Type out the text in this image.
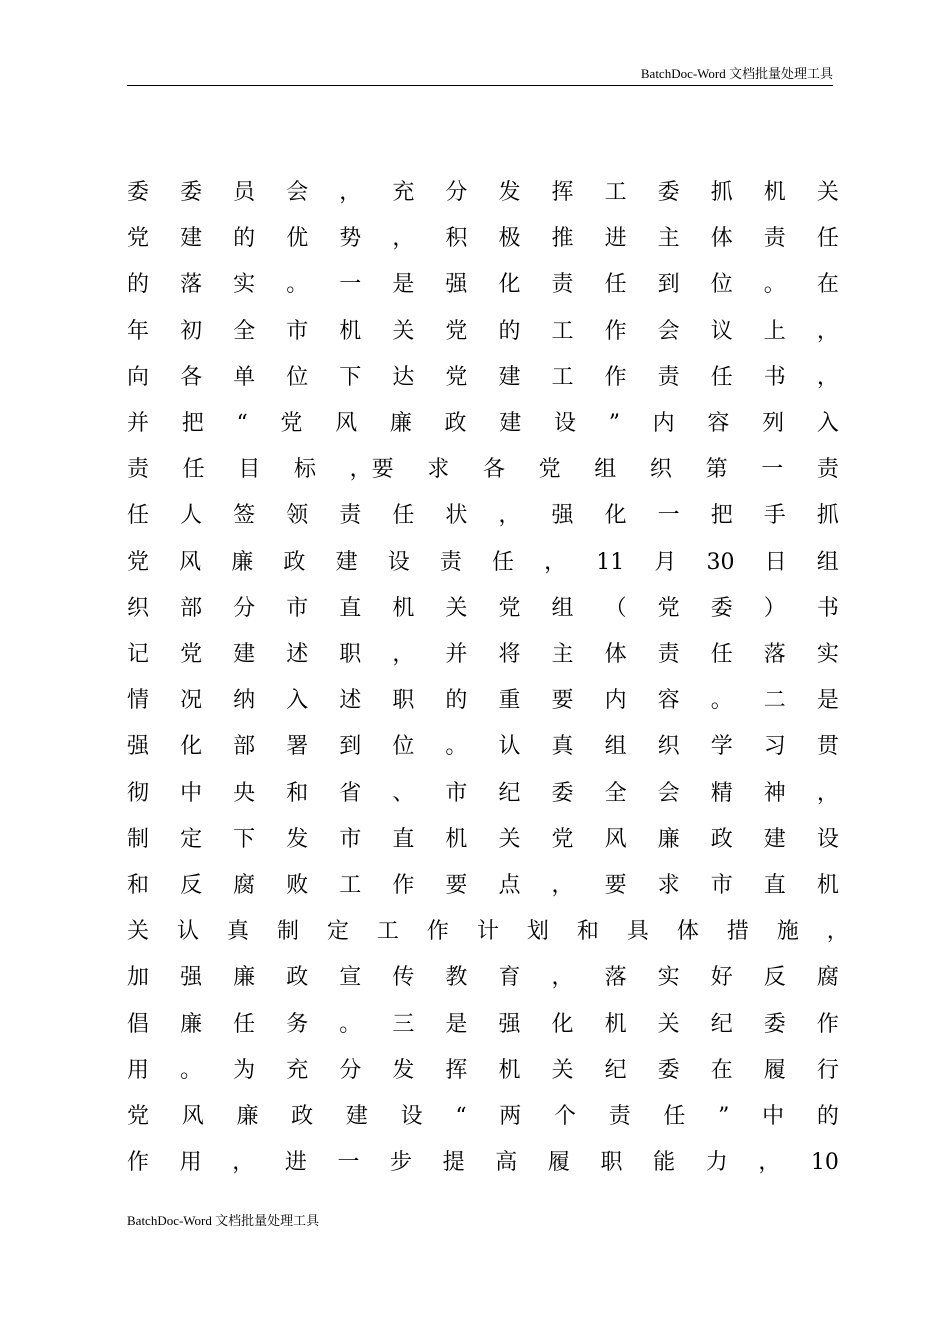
BatchDoc-Word 文档批量处理工具
委 委 员 会 ， 充 分 发 挥 工 委 抓 机 关
党 建 的 优 势 ， 积 极 推 进 主 体 责 任
的 落 实 。 一 是 强 化 责 任 到 位 。 在
年 初 全 市 机 关 党 的 工 作 会 议 上 ，
向 各 单 位 下 达 党 建 工 作 责 任 书 ，
并 把 “ 党 风 廉 政 建 设 ” 内 容 列 入
责 任 目 标 ，要 求 各 党 组 织 第 一 责
任 人 签 领 责 任 状 ， 强 化 一 把 手 抓
党 风 廉 政 建 设 责 任 ， 11 月 30 日 组
织 部 分 市 直 机 关 党 组 （ 党 委 ） 书
记 党 建 述 职 ， 并 将 主 体 责 任 落 实
情 况 纳 入 述 职 的 重 要 内 容 。 二 是
强 化 部 署 到 位 。 认 真 组 织 学 习 贯
彻 中 央 和 省 、 市 纪 委 全 会 精 神 ，
制 定 下 发 市 直 机 关 党 风 廉 政 建 设
和 反 腐 败 工 作 要 点 ， 要 求 市 直 机
关 认 真 制 定 工 作 计 划 和 具 体 措 施 ，
加 强 廉 政 宣 传 教 育 ， 落 实 好 反 腐
倡 廉 任 务 。 三 是 强 化 机 关 纪 委 作
用 。 为 充 分 发 挥 机 关 纪 委 在 履 行
党 风 廉 政 建 设 “ 两 个 责 任 ” 中 的
作 用 ， 进 一 步 提 高 履 职 能 力 ， 10
BatchDoc-Word 文档批量处理工具
